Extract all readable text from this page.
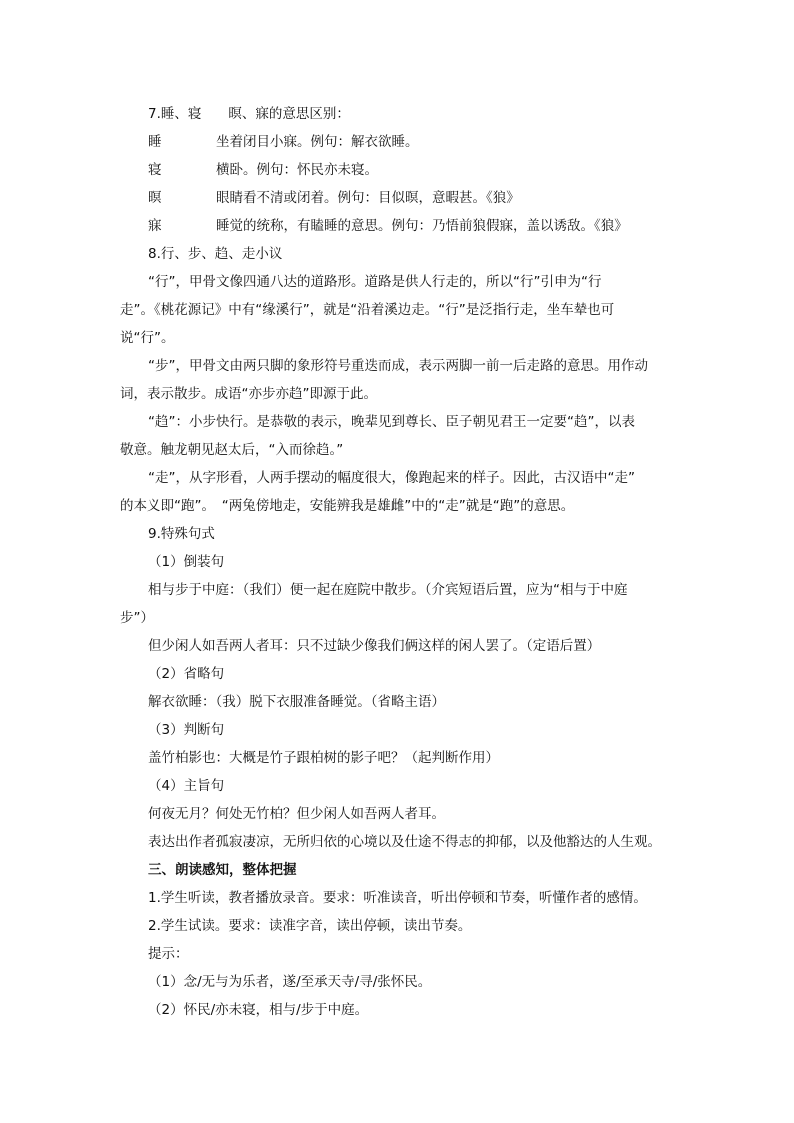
7.睡、寝　　暝、寐的意思区别：
睡	坐着闭目小寐。例句：解衣欲睡。
寝	横卧。例句：怀民亦未寝。
暝	眼睛看不清或闭着。例句：目似暝，意暇甚。《狼》
寐	睡觉的统称，有瞌睡的意思。例句：乃悟前狼假寐，盖以诱敌。《狼》
8.行、步、趋、走小议
“行”，甲骨文像四通八达的道路形。道路是供人行走的，所以“行”引申为“行
走”。《桃花源记》中有“缘溪行”，就是“沿着溪边走。“行”是泛指行走，坐车辇也可
说“行”。
“步”，甲骨文由两只脚的象形符号重迭而成，表示两脚一前一后走路的意思。用作动
词，表示散步。成语“亦步亦趋”即源于此。
“趋”：小步快行。是恭敬的表示，晚辈见到尊长、臣子朝见君王一定要“趋”，以表
敬意。触龙朝见赵太后，“入而徐趋。”
“走”，从字形看，人两手摆动的幅度很大，像跑起来的样子。因此，古汉语中“走”
的本义即“跑”。　“两兔傍地走，安能辨我是雄雌”中的“走”就是“跑”的意思。
9.特殊句式
（1）倒装句
相与步于中庭：（我们）便一起在庭院中散步。（介宾短语后置，应为“相与于中庭
步”）
但少闲人如吾两人者耳：只不过缺少像我们俩这样的闲人罢了。（定语后置）
（2）省略句
解衣欲睡：（我）脱下衣服准备睡觉。（省略主语）
（3）判断句
盖竹柏影也：大概是竹子跟柏树的影子吧？（起判断作用）
（4）主旨句
何夜无月？何处无竹柏？但少闲人如吾两人者耳。
表达出作者孤寂凄凉，无所归依的心境以及仕途不得志的抑郁，以及他豁达的人生观。
三、朗读感知，整体把握
1.学生听读，教者播放录音。要求：听准读音，听出停顿和节奏，听懂作者的感情。
2.学生试读。要求：读准字音，读出停顿，读出节奏。
提示：
（1）念/无与为乐者，遂/至承天寺/寻/张怀民。
（2）怀民/亦未寝，相与/步于中庭。
